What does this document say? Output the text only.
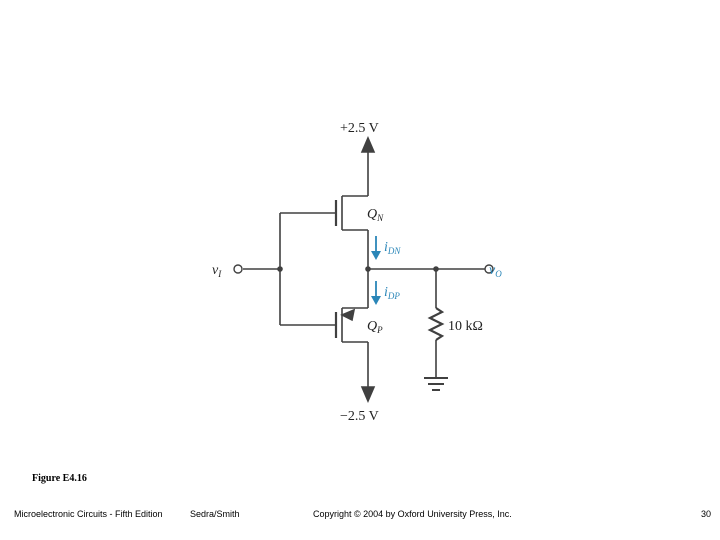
+2.5 V
−2.5 V
$v_I$
$Q_N$
$Q_P$
$i_{DN}$
$i_{DP}$
$v_O$
10 kΩ
Figure E4.16
Microelectronic Circuits - Fifth Edition	Sedra/Smith	Copyright © 2004 by Oxford University Press, Inc.	30
